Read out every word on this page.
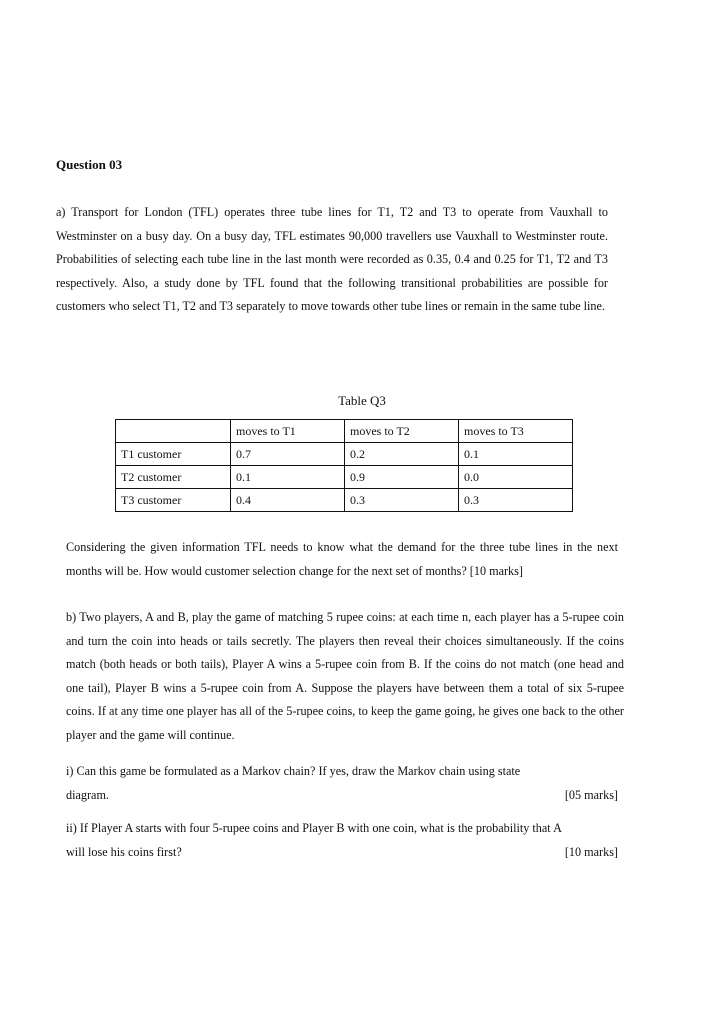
Question 03
a) Transport for London (TFL) operates three tube lines for T1, T2 and T3 to operate from Vauxhall to Westminster on a busy day. On a busy day, TFL estimates 90,000 travellers use Vauxhall to Westminster route. Probabilities of selecting each tube line in the last month were recorded as 0.35, 0.4 and 0.25 for T1, T2 and T3 respectively. Also, a study done by TFL found that the following transitional probabilities are possible for customers who select T1, T2 and T3 separately to move towards other tube lines or remain in the same tube line.
Table Q3
	moves to T1	moves to T2	moves to T3
T1 customer	0.7	0.2	0.1
T2 customer	0.1	0.9	0.0
T3 customer	0.4	0.3	0.3
Considering the given information TFL needs to know what the demand for the three tube lines in the next months will be. How would customer selection change for the next set of months? [10 marks]
b) Two players, A and B, play the game of matching 5 rupee coins: at each time n, each player has a 5-rupee coin and turn the coin into heads or tails secretly. The players then reveal their choices simultaneously. If the coins match (both heads or both tails), Player A wins a 5-rupee coin from B. If the coins do not match (one head and one tail), Player B wins a 5-rupee coin from A. Suppose the players have between them a total of six 5-rupee coins. If at any time one player has all of the 5-rupee coins, to keep the game going, he gives one back to the other player and the game will continue.
i) Can this game be formulated as a Markov chain? If yes, draw the Markov chain using state
diagram.	[05 marks]
ii) If Player A starts with four 5-rupee coins and Player B with one coin, what is the probability that A
will lose his coins first?	[10 marks]
